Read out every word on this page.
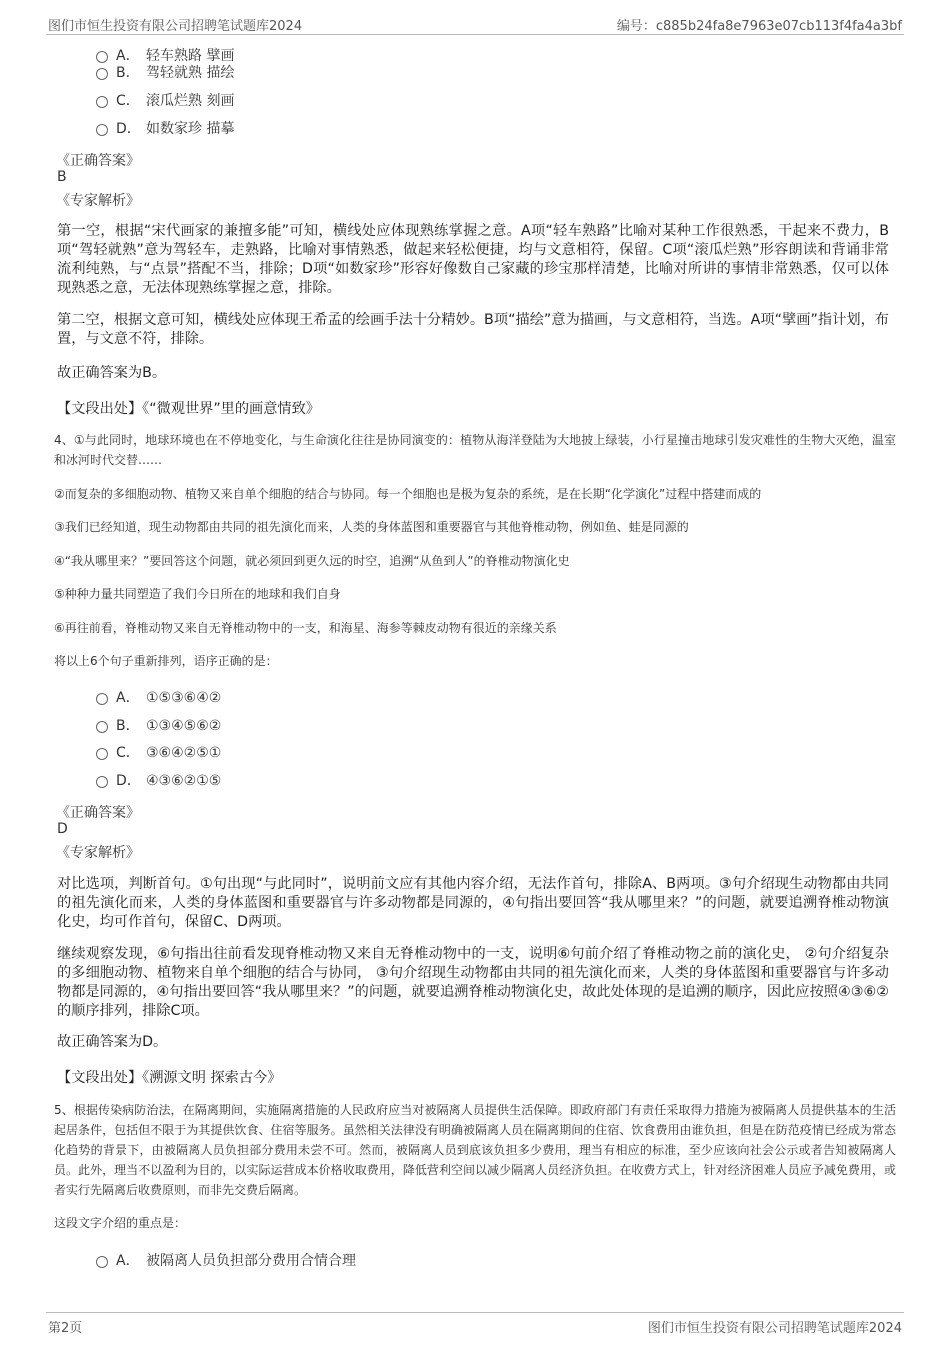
图们市恒生投资有限公司招聘笔试题库2024	编号：c885b24fa8e7963e07cb113f4fa4a3bf
A． 轻车熟路 擘画
B． 驾轻就熟 描绘
C． 滚瓜烂熟 刻画
D． 如数家珍 描摹
《正确答案》
B
《专家解析》

第一空，根据“宋代画家的兼擅多能”可知，横线处应体现熟练掌握之意。A项“轻车熟路”比喻对某种工作很熟悉，干起来不费力，B项“驾轻就熟”意为驾轻车，走熟路，比喻对事情熟悉，做起来轻松便捷，均与文意相符，保留。C项“滚瓜烂熟”形容朗读和背诵非常流利纯熟，与“点景”搭配不当，排除；D项“如数家珍”形容好像数自己家藏的珍宝那样清楚，比喻对所讲的事情非常熟悉，仅可以体现熟悉之意，无法体现熟练掌握之意，排除。

第二空，根据文意可知，横线处应体现王希孟的绘画手法十分精妙。B项“描绘”意为描画，与文意相符，当选。A项“擘画”指计划，布置，与文意不符，排除。

故正确答案为B。

【文段出处】《“微观世界”里的画意情致》

4、①与此同时，地球环境也在不停地变化，与生命演化往往是协同演变的：植物从海洋登陆为大地披上绿装，小行星撞击地球引发灾难性的生物大灭绝，温室和冰河时代交替……

②而复杂的多细胞动物、植物又来自单个细胞的结合与协同。每一个细胞也是极为复杂的系统，是在长期“化学演化”过程中搭建而成的

③我们已经知道，现生动物都由共同的祖先演化而来，人类的身体蓝图和重要器官与其他脊椎动物，例如鱼、蛙是同源的

④“我从哪里来？”要回答这个问题，就必须回到更久远的时空，追溯“从鱼到人”的脊椎动物演化史

⑤种种力量共同塑造了我们今日所在的地球和我们自身

⑥再往前看，脊椎动物又来自无脊椎动物中的一支，和海星、海参等棘皮动物有很近的亲缘关系

将以上6个句子重新排列，语序正确的是：

A． ①⑤③⑥④②
B． ①③④⑤⑥②
C． ③⑥④②⑤①
D． ④③⑥②①⑤
《正确答案》
D
《专家解析》

对比选项，判断首句。①句出现“与此同时”，说明前文应有其他内容介绍，无法作首句，排除A、B两项。③句介绍现生动物都由共同的祖先演化而来，人类的身体蓝图和重要器官与许多动物都是同源的，④句指出要回答“我从哪里来？”的问题，就要追溯脊椎动物演化史，均可作首句，保留C、D两项。

继续观察发现，⑥句指出往前看发现脊椎动物又来自无脊椎动物中的一支，说明⑥句前介绍了脊椎动物之前的演化史， ②句介绍复杂的多细胞动物、植物来自单个细胞的结合与协同， ③句介绍现生动物都由共同的祖先演化而来，人类的身体蓝图和重要器官与许多动物都是同源的，④句指出要回答“我从哪里来？”的问题，就要追溯脊椎动物演化史，故此处体现的是追溯的顺序，因此应按照④③⑥②的顺序排列，排除C项。

故正确答案为D。

【文段出处】《溯源文明 探索古今》

5、根据传染病防治法，在隔离期间，实施隔离措施的人民政府应当对被隔离人员提供生活保障。即政府部门有责任采取得力措施为被隔离人员提供基本的生活起居条件，包括但不限于为其提供饮食、住宿等服务。虽然相关法律没有明确被隔离人员在隔离期间的住宿、饮食费用由谁负担，但是在防范疫情已经成为常态化趋势的背景下，由被隔离人员负担部分费用未尝不可。然而，被隔离人员到底该负担多少费用，理当有相应的标准，至少应该向社会公示或者告知被隔离人员。此外，理当不以盈利为目的，以实际运营成本价格收取费用，降低营利空间以减少隔离人员经济负担。在收费方式上，针对经济困难人员应予减免费用，或者实行先隔离后收费原则，而非先交费后隔离。

这段文字介绍的重点是：

A． 被隔离人员负担部分费用合情合理
第2页	图们市恒生投资有限公司招聘笔试题库2024
